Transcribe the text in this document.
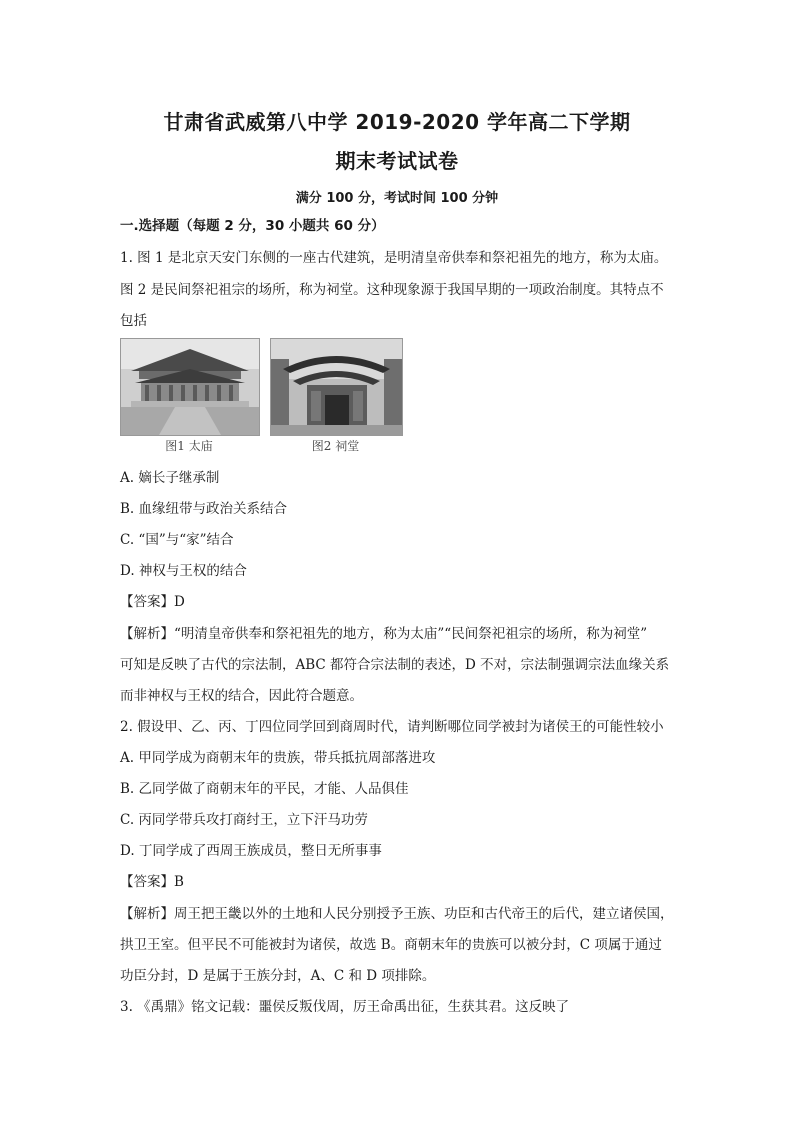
甘肃省武威第八中学 2019-2020 学年高二下学期
期末考试试卷
满分 100 分，考试时间 100 分钟
一.选择题（每题 2 分，30 小题共 60 分）
1. 图 1 是北京天安门东侧的一座古代建筑，是明清皇帝供奉和祭祀祖先的地方，称为太庙。
图 2 是民间祭祀祖宗的场所，称为祠堂。这种现象源于我国早期的一项政治制度。其特点不
包括
图1 太庙	图2 祠堂
A. 嫡长子继承制
B. 血缘纽带与政治关系结合
C. “国”与“家”结合
D. 神权与王权的结合
【答案】D
【解析】“明清皇帝供奉和祭祀祖先的地方，称为太庙”“民间祭祀祖宗的场所，称为祠堂”
可知是反映了古代的宗法制，ABC 都符合宗法制的表述，D 不对，宗法制强调宗法血缘关系
而非神权与王权的结合，因此符合题意。
2. 假设甲、乙、丙、丁四位同学回到商周时代，请判断哪位同学被封为诸侯王的可能性较小
A. 甲同学成为商朝末年的贵族，带兵抵抗周部落进攻
B. 乙同学做了商朝末年的平民，才能、人品俱佳
C. 丙同学带兵攻打商纣王，立下汗马功劳
D. 丁同学成了西周王族成员，整日无所事事
【答案】B
【解析】周王把王畿以外的土地和人民分别授予王族、功臣和古代帝王的后代，建立诸侯国，
拱卫王室。但平民不可能被封为诸侯，故选 B。商朝末年的贵族可以被分封，C 项属于通过
功臣分封，D 是属于王族分封，A、C 和 D 项排除。
3. 《禹鼎》铭文记载：噩侯反叛伐周，厉王命禹出征，生获其君。这反映了
